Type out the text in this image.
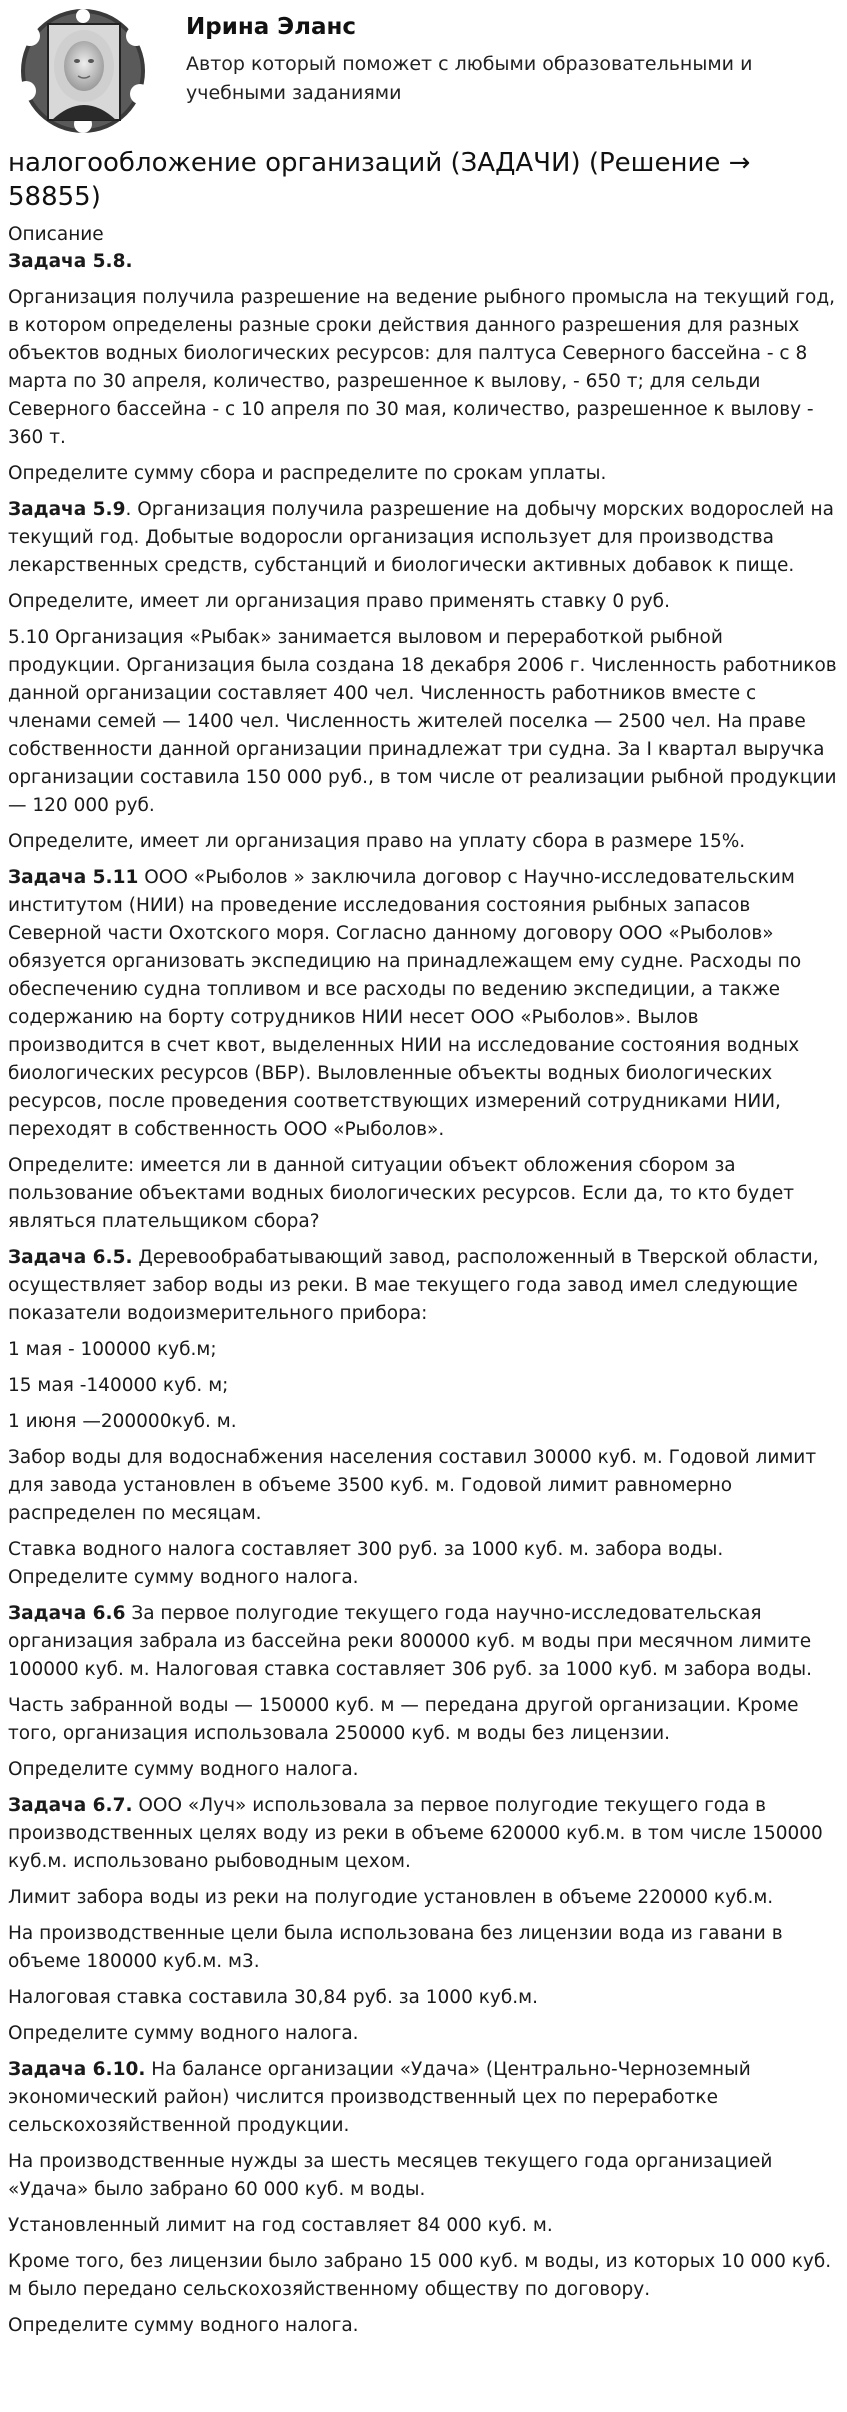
Ирина Эланс
Автор который поможет с любыми образовательными и учебными заданиями
налогообложение организаций (ЗАДАЧИ) (Решение → 58855)
Описание

Задача 5.8.

Организация получила разрешение на ведение рыбного промысла на текущий год, в котором определены разные сроки действия данного разрешения для разных объектов водных биологических ресурсов: для палтуса Северного бассейна - с 8 марта по 30 апреля, количество, разрешенное к вылову, - 650 т; для сельди Северного бассейна - с 10 апреля по 30 мая, количество, разрешенное к вылову - 360 т.

Определите сумму сбора и распределите по срокам уплаты.

Задача 5.9. Организация получила разрешение на добычу морских водорослей на текущий год. Добытые водоросли организация использует для производства лекарственных средств, субстанций и биологически активных добавок к пище.

Определите, имеет ли организация право применять ставку 0 руб.

5.10 Организация «Рыбак» занимается выловом и переработкой рыбной продукции. Организация была создана 18 декабря 2006 г. Численность работников данной организации составляет 400 чел. Численность работников вместе с членами семей — 1400 чел. Численность жителей поселка — 2500 чел. На праве собственности данной организации принадлежат три судна. За I квартал выручка организации составила 150 000 руб., в том числе от реализации рыбной продукции — 120 000 руб.

Определите, имеет ли организация право на уплату сбора в размере 15%.

Задача 5.11 ООО «Рыболов » заключила договор с Научно-исследовательским институтом (НИИ) на проведение исследования состояния рыбных запасов Северной части Охотского моря. Согласно данному договору ООО «Рыболов» обязуется организовать экспедицию на принадлежащем ему судне. Расходы по обеспечению судна топливом и все расходы по ведению экспедиции, а также содержанию на борту сотрудников НИИ несет ООО «Рыболов». Вылов производится в счет квот, выделенных НИИ на исследование состояния водных биологических ресурсов (ВБР). Выловленные объекты водных биологических ресурсов, после проведения соответствующих измерений сотрудниками НИИ, переходят в собственность ООО «Рыболов».

Определите: имеется ли в данной ситуации объект обложения сбором за пользование объектами водных биологических ресурсов. Если да, то кто будет являться плательщиком сбора?

Задача 6.5. Деревообрабатывающий завод, расположенный в Тверской области, осуществляет забор воды из реки. В мае текущего года завод имел следующие показатели водоизмерительного прибора:

1 мая - 100000 куб.м;

15 мая -140000 куб. м;

1 июня —200000куб. м.

Забор воды для водоснабжения населения составил 30000 куб. м. Годовой лимит для завода установлен в объеме 3500 куб. м. Годовой лимит равномерно распределен по месяцам.

Ставка водного налога составляет 300 руб. за 1000 куб. м. забора воды. Определите сумму водного налога.

Задача 6.6 За первое полугодие текущего года научно-исследовательская организация забрала из бассейна реки 800000 куб. м воды при месячном лимите 100000 куб. м. Налоговая ставка составляет 306 руб. за 1000 куб. м забора воды.

Часть забранной воды — 150000 куб. м — передана другой организации. Кроме того, организация использовала 250000 куб. м воды без лицензии.

Определите сумму водного налога.

Задача 6.7. ООО «Луч» использовала за первое полугодие текущего года в производственных целях воду из реки в объеме 620000 куб.м. в том числе 150000 куб.м. использовано рыбоводным цехом.

Лимит забора воды из реки на полугодие установлен в объеме 220000 куб.м.

На производственные цели была использована без лицензии вода из гавани в объеме 180000 куб.м. м3.

Налоговая ставка составила 30,84 руб. за 1000 куб.м.

Определите сумму водного налога.

Задача 6.10. На балансе организации «Удача» (Центрально-Черноземный экономический район) числится производственный цех по переработке сельскохозяйственной продукции.

На производственные нужды за шесть месяцев текущего года организацией «Удача» было забрано 60 000 куб. м воды.

Установленный лимит на год составляет 84 000 куб. м.

Кроме того, без лицензии было забрано 15 000 куб. м воды, из которых 10 000 куб. м было передано сельскохозяйственному обществу по договору.

Определите сумму водного налога.
